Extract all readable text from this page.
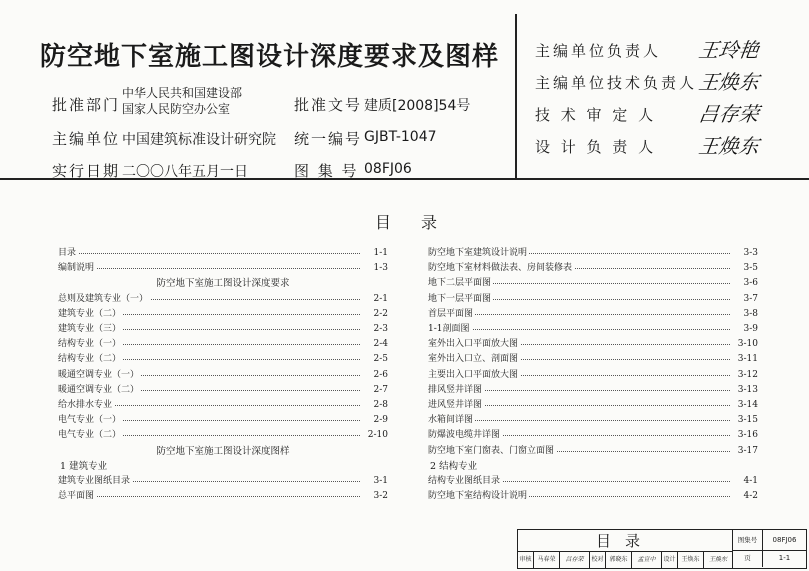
防空地下室施工图设计深度要求及图样
批准部门
中华人民共和国建设部
国家人民防空办公室	批准文号 建质[2008]54号
主编单位 中国建筑标准设计研究院 统一编号 GJBT-1047
实行日期 二〇〇八年五月一日	图 集 号 08FJ06
主编单位负责人 王玲艳
主编单位技术负责人 王焕东
技 术 审 定 人 吕存荣
设 计 负 责 人 王焕东
目录
目录	1-1
编制说明	1-3
防空地下室施工图设计深度要求
总则及建筑专业（一）	2-1
建筑专业（二）	2-2
建筑专业（三）	2-3
结构专业（一）	2-4
结构专业（二）	2-5
暖通空调专业（一）	2-6
暖通空调专业（二）	2-7
给水排水专业	2-8
电气专业（一）	2-9
电气专业（二）	2-10
防空地下室施工图设计深度图样
1 建筑专业
建筑专业图纸目录	3-1
总平面图	3-2
防空地下室建筑设计说明	3-3
防空地下室材料做法表、房间装修表	3-5
地下二层平面图	3-6
地下一层平面图	3-7
首层平面图	3-8
1-1剖面图	3-9
室外出入口平面放大图	3-10
室外出入口立、剖面图	3-11
主要出入口平面放大图	3-12
排风竖井详图	3-13
进风竖井详图	3-14
水箱间详图	3-15
防爆波电缆井详图	3-16
防空地下室门窗表、门窗立面图	3-17
2 结构专业
结构专业图纸目录	4-1
防空地下室结构设计说明	4-2
目录	图集号	08FJ06
页	1-1
审核 马春荣	吕存荣	校对 郭晓东	孟宣中	设计 王焕东	王焕东
